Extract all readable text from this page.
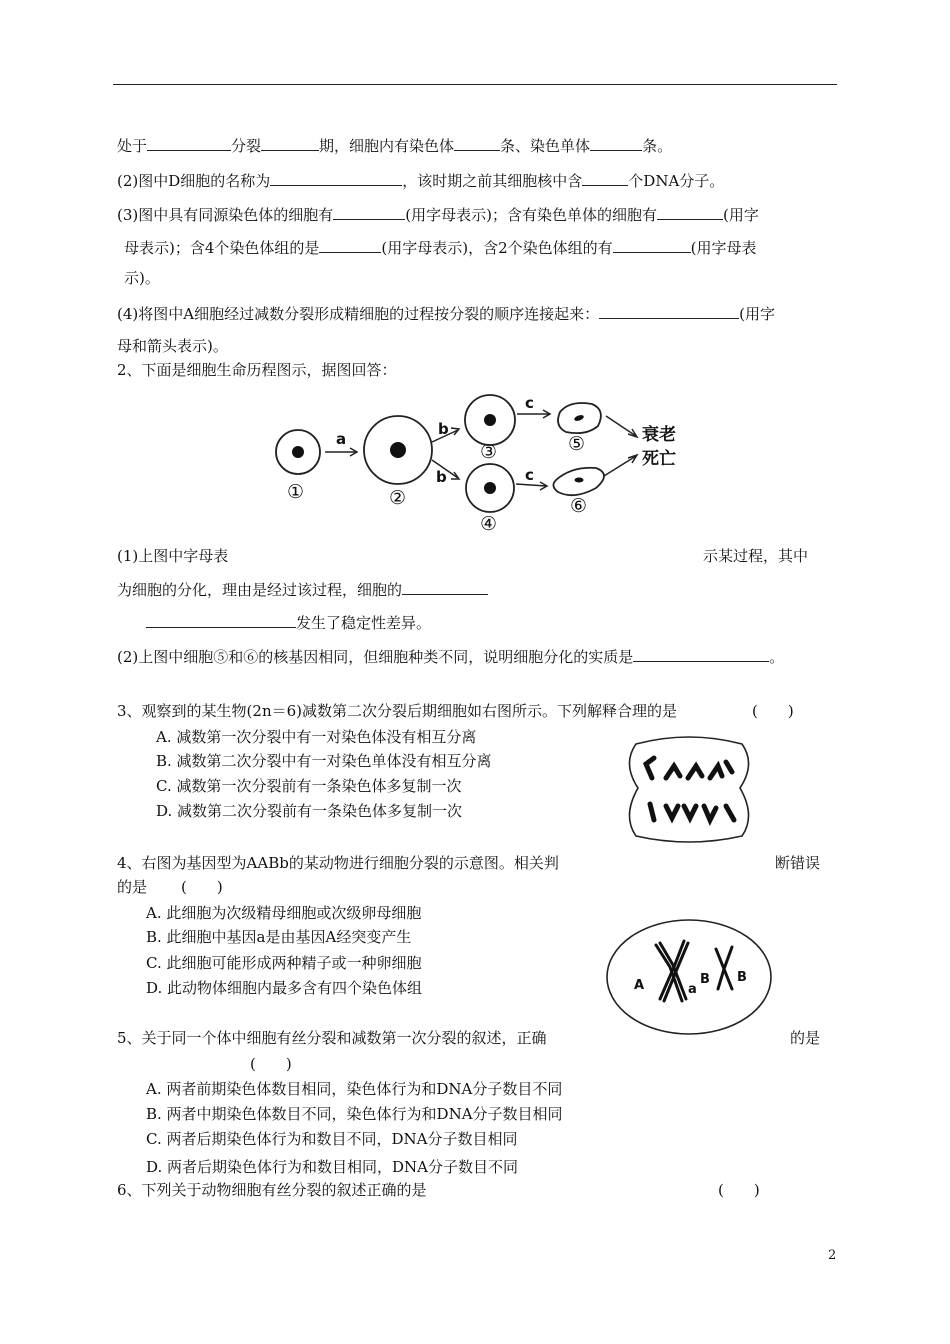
处于	分裂	期，细胞内有染色体	条、染色单体	条。
(2)图中D细胞的名称为	，该时期之前其细胞核中含	个DNA分子。
(3)图中具有同源染色体的细胞有	(用字母表示)；含有染色单体的细胞有	(用字
母表示)；含4个染色体组的是	(用字母表示)，含2个染色体组的有	(用字母表
示)。
(4)将图中A细胞经过减数分裂形成精细胞的过程按分裂的顺序连接起来：	(用字
母和箭头表示)。
2、下面是细胞生命历程图示，据图回答：
a
b
b
c
c
①	②
③
④
⑤
⑥
衰老
死亡
(1)上图中字母表	示某过程，其中
为细胞的分化，理由是经过该过程，细胞的
发生了稳定性差异。
(2)上图中细胞⑤和⑥的核基因相同，但细胞种类不同，说明细胞分化的实质是	。
3、观察到的某生物(2n＝6)减数第二次分裂后期细胞如右图所示。下列解释合理的是	(　　)
A. 减数第一次分裂中有一对染色体没有相互分离
B. 减数第二次分裂中有一对染色单体没有相互分离
C. 减数第一次分裂前有一条染色体多复制一次
D. 减数第二次分裂前有一条染色体多复制一次
4、右图为基因型为AABb的某动物进行细胞分裂的示意图。相关判	断错误
的是 (　　)
A. 此细胞为次级精母细胞或次级卵母细胞
B. 此细胞中基因a是由基因A经突变产生
C. 此细胞可能形成两种精子或一种卵细胞
D. 此动物体细胞内最多含有四个染色体组	A	a
B B
5、关于同一个体中细胞有丝分裂和减数第一次分裂的叙述，正确	的是
(　　)
A. 两者前期染色体数目相同，染色体行为和DNA分子数目不同
B. 两者中期染色体数目不同，染色体行为和DNA分子数目相同
C. 两者后期染色体行为和数目不同，DNA分子数目相同
D. 两者后期染色体行为和数目相同，DNA分子数目不同
6、下列关于动物细胞有丝分裂的叙述正确的是	(　　)
2
